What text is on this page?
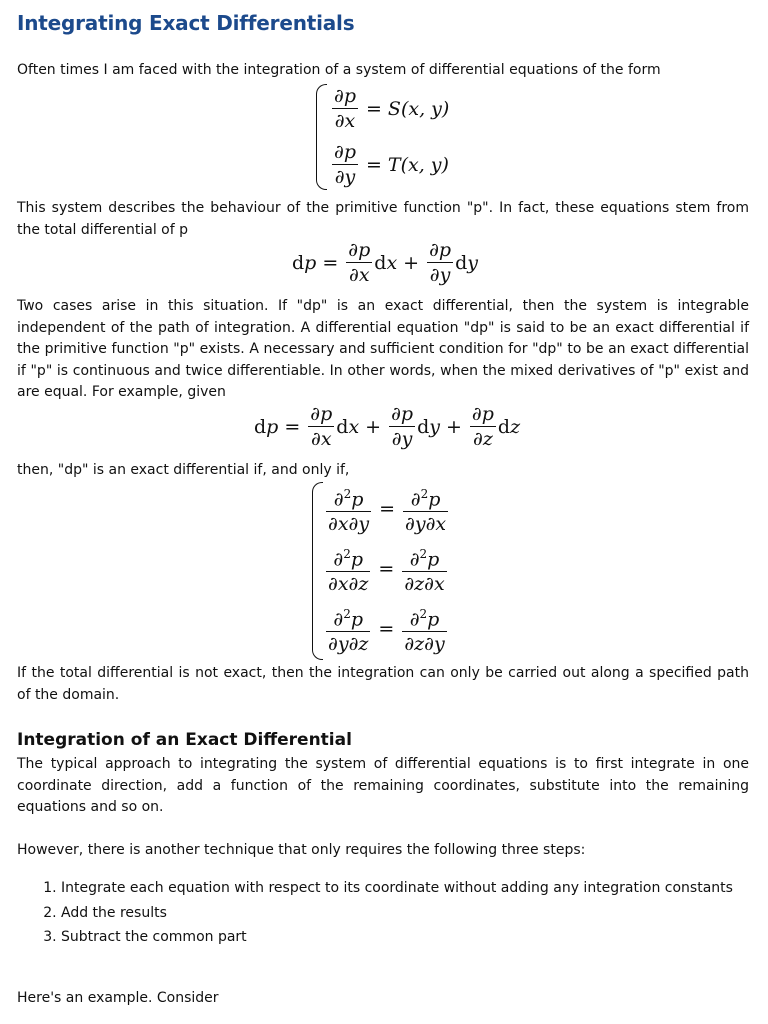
Integrating Exact Differentials

Often times I am faced with the integration of a system of differential equations of the form

$\frac{\partial p}{\partial x} = S(x$, y)
$\frac{\partial p}{\partial y} = T(x$, y)

This system describes the behaviour of the primitive function "p". In fact, these equations stem from the total differential of p

dp = $\frac{\partial p}{\partial x}$ dx + $\frac{\partial p}{\partial y}$ dy

Two cases arise in this situation. If "dp" is an exact differential, then the system is integrable independent of the path of integration. A differential equation "dp" is said to be an exact differential if the primitive function "p" exists. A necessary and sufficient condition for "dp" to be an exact differential if "p" is continuous and twice differentiable. In other words, when the mixed derivatives of "p" exist and are equal. For example, given

dp = $\frac{\partial p}{\partial x}$ dx + $\frac{\partial p}{\partial y}$ dy + $\frac{\partial p}{\partial z}$ dz

then, "dp" is an exact differential if, and only if,

$\frac{\partial^2p}{\partial x\partial y} = \frac{\partial^2p}{\partial y\partial x}$
$\frac{\partial^2p}{\partial x\partial z} = \frac{\partial^2p}{\partial z\partial x}$
$\frac{\partial^2p}{\partial y\partial z} = \frac{\partial^2p}{\partial z\partial y}$

If the total differential is not exact, then the integration can only be carried out along a specified path of the domain.

Integration of an Exact Differential

The typical approach to integrating the system of differential equations is to first integrate in one coordinate direction, add a function of the remaining coordinates, substitute into the remaining equations and so on.

However, there is another technique that only requires the following three steps:

1. Integrate each equation with respect to its coordinate without adding any integration constants
2. Add the results
3. Subtract the common part

Here's an example. Consider
